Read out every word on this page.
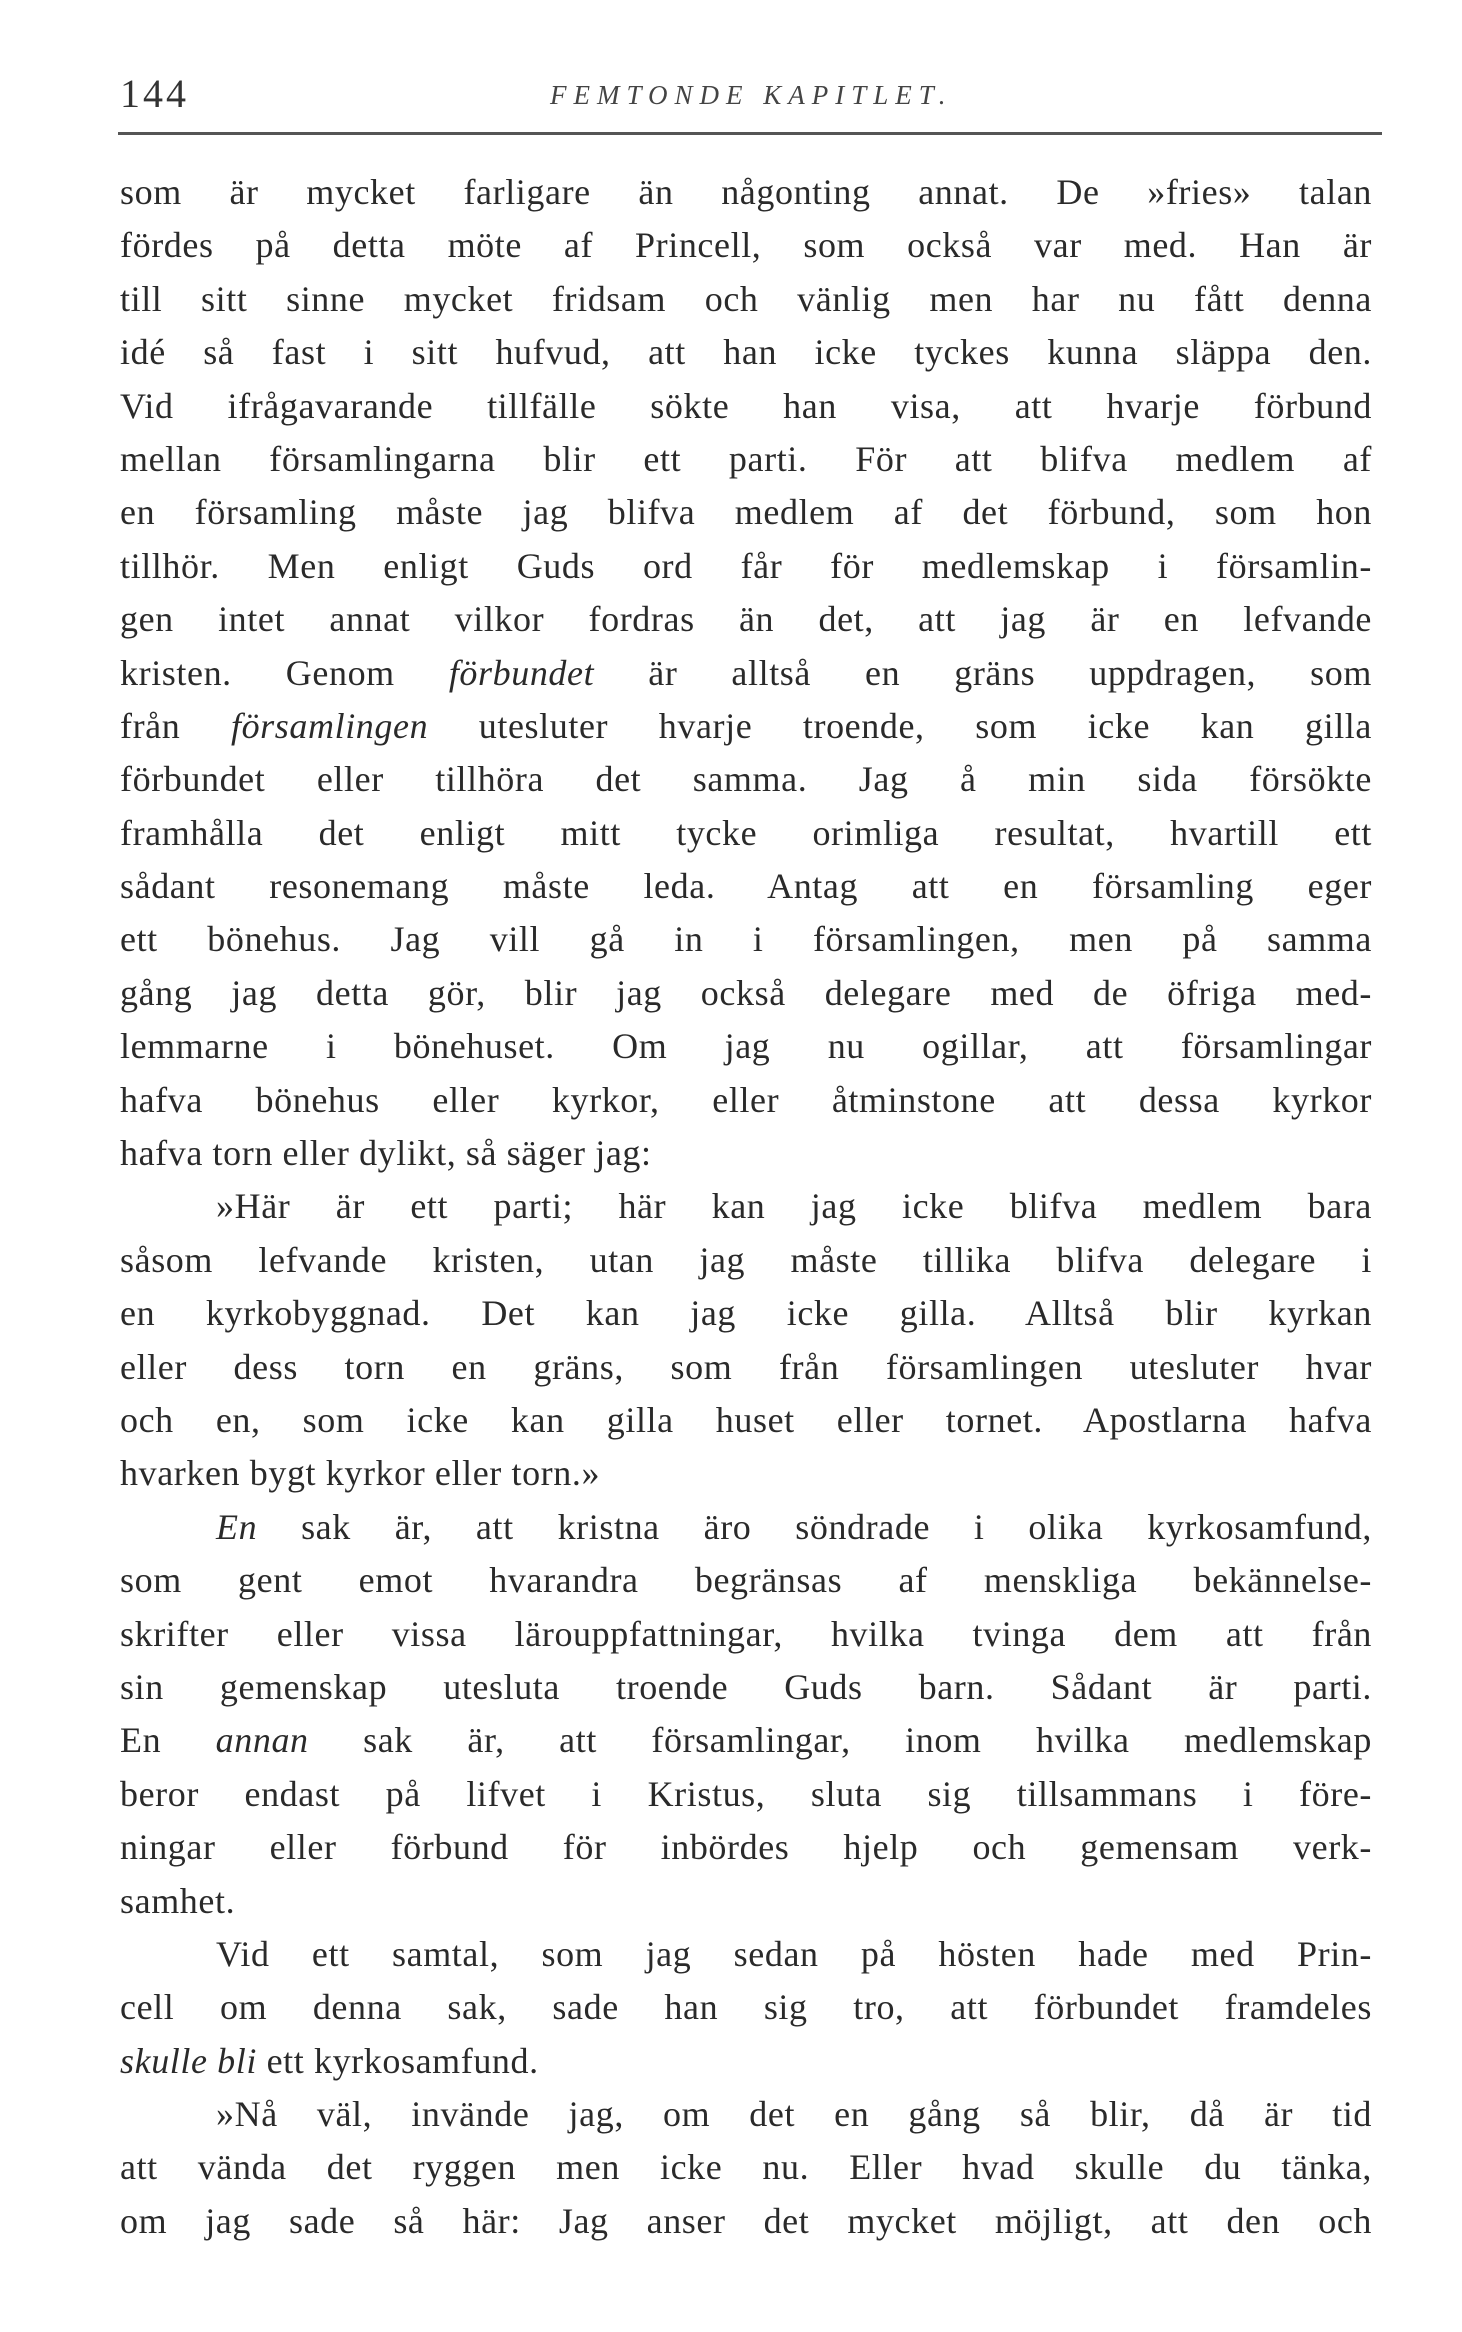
144	FEMTONDE KAPITLET.
som är mycket farligare än någonting annat. De »fries» talan
fördes på detta möte af Princell, som också var med. Han är
till sitt sinne mycket fridsam och vänlig men har nu fått denna
idé så fast i sitt hufvud, att han icke tyckes kunna släppa den.
Vid ifrågavarande tillfälle sökte han visa, att hvarje förbund
mellan församlingarna blir ett parti. För att blifva medlem af
en församling måste jag blifva medlem af det förbund, som hon
tillhör. Men enligt Guds ord får för medlemskap i församlin-
gen intet annat vilkor fordras än det, att jag är en lefvande
kristen. Genom förbundet är alltså en gräns uppdragen, som
från församlingen utesluter hvarje troende, som icke kan gilla
förbundet eller tillhöra det samma. Jag å min sida försökte
framhålla det enligt mitt tycke orimliga resultat, hvartill ett
sådant resonemang måste leda. Antag att en församling eger
ett bönehus. Jag vill gå in i församlingen, men på samma
gång jag detta gör, blir jag också delegare med de öfriga med-
lemmarne i bönehuset. Om jag nu ogillar, att församlingar
hafva bönehus eller kyrkor, eller åtminstone att dessa kyrkor
hafva torn eller dylikt, så säger jag:
»Här är ett parti; här kan jag icke blifva medlem bara
såsom lefvande kristen, utan jag måste tillika blifva delegare i
en kyrkobyggnad. Det kan jag icke gilla. Alltså blir kyrkan
eller dess torn en gräns, som från församlingen utesluter hvar
och en, som icke kan gilla huset eller tornet. Apostlarna hafva
hvarken bygt kyrkor eller torn.»
En sak är, att kristna äro söndrade i olika kyrkosamfund,
som gent emot hvarandra begränsas af menskliga bekännelse-
skrifter eller vissa lärouppfattningar, hvilka tvinga dem att från
sin gemenskap utesluta troende Guds barn. Sådant är parti.
En annan sak är, att församlingar, inom hvilka medlemskap
beror endast på lifvet i Kristus, sluta sig tillsammans i före-
ningar eller förbund för inbördes hjelp och gemensam verk-
samhet.
Vid ett samtal, som jag sedan på hösten hade med Prin-
cell om denna sak, sade han sig tro, att förbundet framdeles
skulle bli ett kyrkosamfund.
»Nå väl, invände jag, om det en gång så blir, då är tid
att vända det ryggen men icke nu. Eller hvad skulle du tänka,
om jag sade så här: Jag anser det mycket möjligt, att den och
